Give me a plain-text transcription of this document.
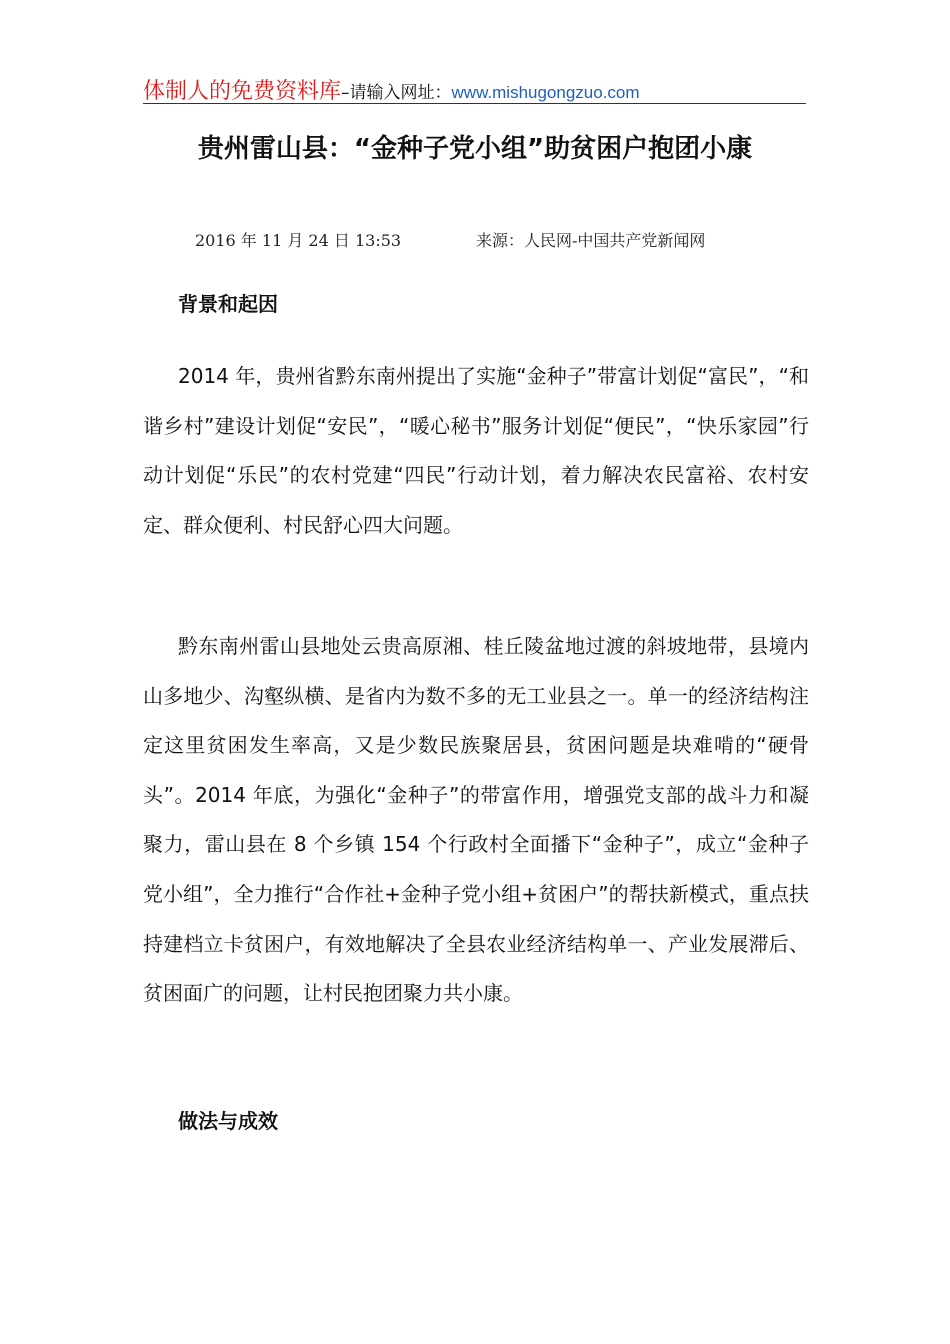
体制人的免费资料库–请输入网址：www.mishugongzuo.com
贵州雷山县：“金种子党小组”助贫困户抱团小康
2016 年 11 月 24 日 13:53	来源：人民网-中国共产党新闻网
背景和起因

2014 年，贵州省黔东南州提出了实施“金种子”带富计划促“富民”，“和谐乡村”建设计划促“安民”，“暖心秘书”服务计划促“便民”，“快乐家园”行动计划促“乐民”的农村党建“四民”行动计划，着力解决农民富裕、农村安定、群众便利、村民舒心四大问题。

黔东南州雷山县地处云贵高原湘、桂丘陵盆地过渡的斜坡地带，县境内山多地少、沟壑纵横、是省内为数不多的无工业县之一。单一的经济结构注定这里贫困发生率高，又是少数民族聚居县，贫困问题是块难啃的“硬骨头”。2014 年底，为强化“金种子”的带富作用，增强党支部的战斗力和凝聚力，雷山县在 8 个乡镇 154 个行政村全面播下“金种子”，成立“金种子党小组”，全力推行“合作社+金种子党小组+贫困户”的帮扶新模式，重点扶持建档立卡贫困户，有效地解决了全县农业经济结构单一、产业发展滞后、贫困面广的问题，让村民抱团聚力共小康。

做法与成效
